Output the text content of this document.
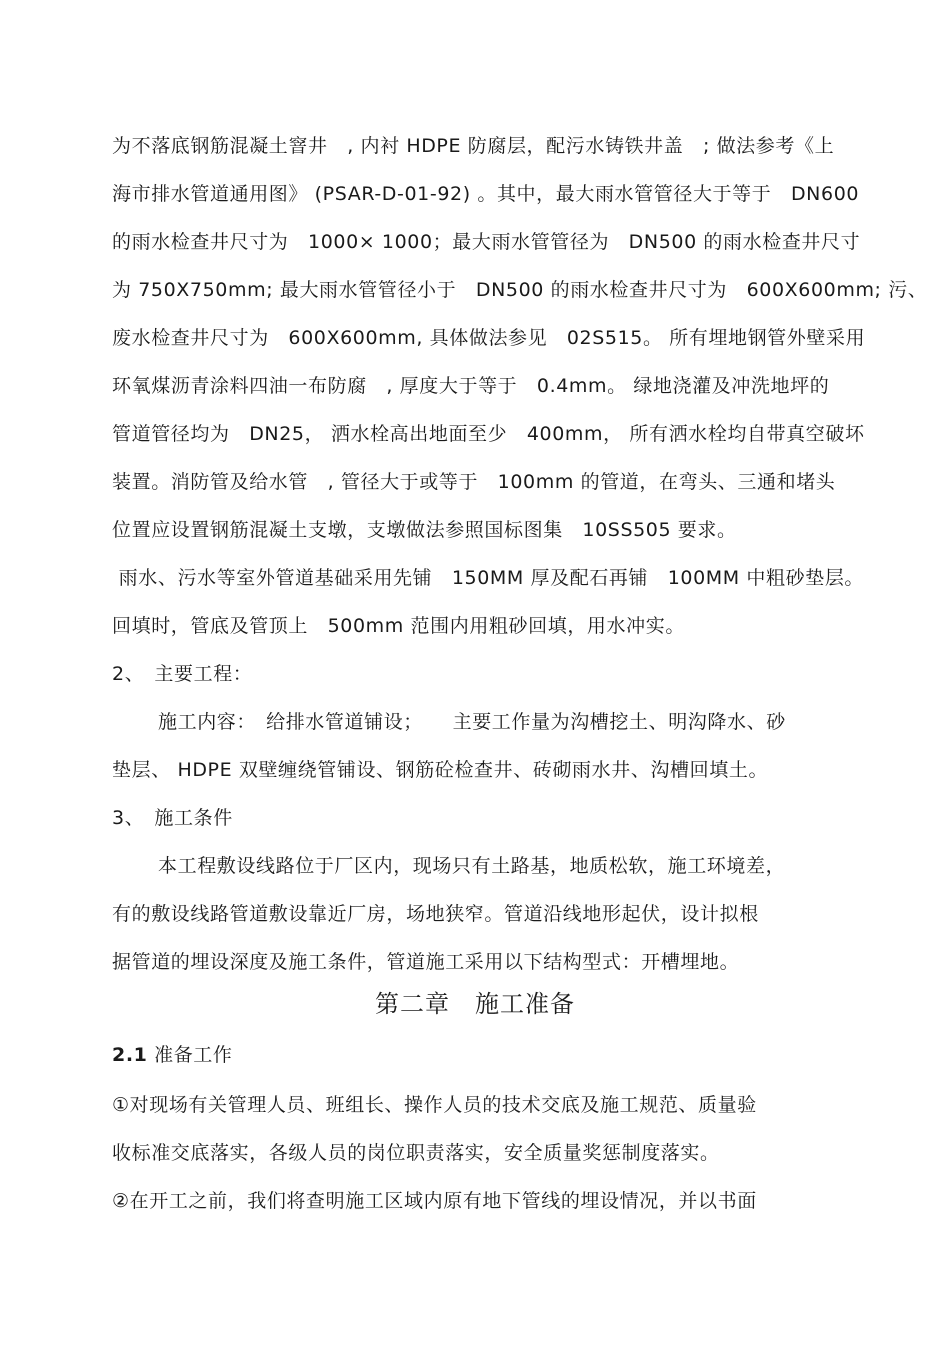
为不落底钢筋混凝土窨井　, 内衬 HDPE 防腐层，配污水铸铁井盖　; 做法参考《上
海市排水管道通用图》 (PSAR-D-01-92) 。其中，最大雨水管管径大于等于　DN600
的雨水检查井尺寸为　1000× 1000；最大雨水管管径为　DN500 的雨水检查井尺寸
为 750X750mm; 最大雨水管管径小于　DN500 的雨水检查井尺寸为　600X600mm; 污、
废水检查井尺寸为　600X600mm, 具体做法参见　02S515。 所有埋地钢管外壁采用
环氧煤沥青涂料四油一布防腐　, 厚度大于等于　0.4mm。 绿地浇灌及冲洗地坪的
管道管径均为　DN25， 洒水栓高出地面至少　400mm， 所有洒水栓均自带真空破坏
装置。消防管及给水管　, 管径大于或等于　100mm 的管道，在弯头、三通和堵头
位置应设置钢筋混凝土支墩，支墩做法参照国标图集　10SS505 要求。
雨水、污水等室外管道基础采用先铺　150MM 厚及配石再铺　100MM 中粗砂垫层。
回填时，管底及管顶上　500mm 范围内用粗砂回填，用水冲实。
2、　主要工程：
施工内容：　给排水管道铺设；　　主要工作量为沟槽挖土、明沟降水、砂
垫层、 HDPE 双壁缠绕管铺设、钢筋砼检查井、砖砌雨水井、沟槽回填土。
3、　施工条件
本工程敷设线路位于厂区内，现场只有土路基，地质松软，施工环境差，
有的敷设线路管道敷设靠近厂房，场地狭窄。管道沿线地形起伏，设计拟根
据管道的埋设深度及施工条件，管道施工采用以下结构型式：开槽埋地。
第二章　施工准备
2.1 准备工作
①对现场有关管理人员、班组长、操作人员的技术交底及施工规范、质量验
收标准交底落实，各级人员的岗位职责落实，安全质量奖惩制度落实。
②在开工之前，我们将查明施工区域内原有地下管线的埋设情况，并以书面
